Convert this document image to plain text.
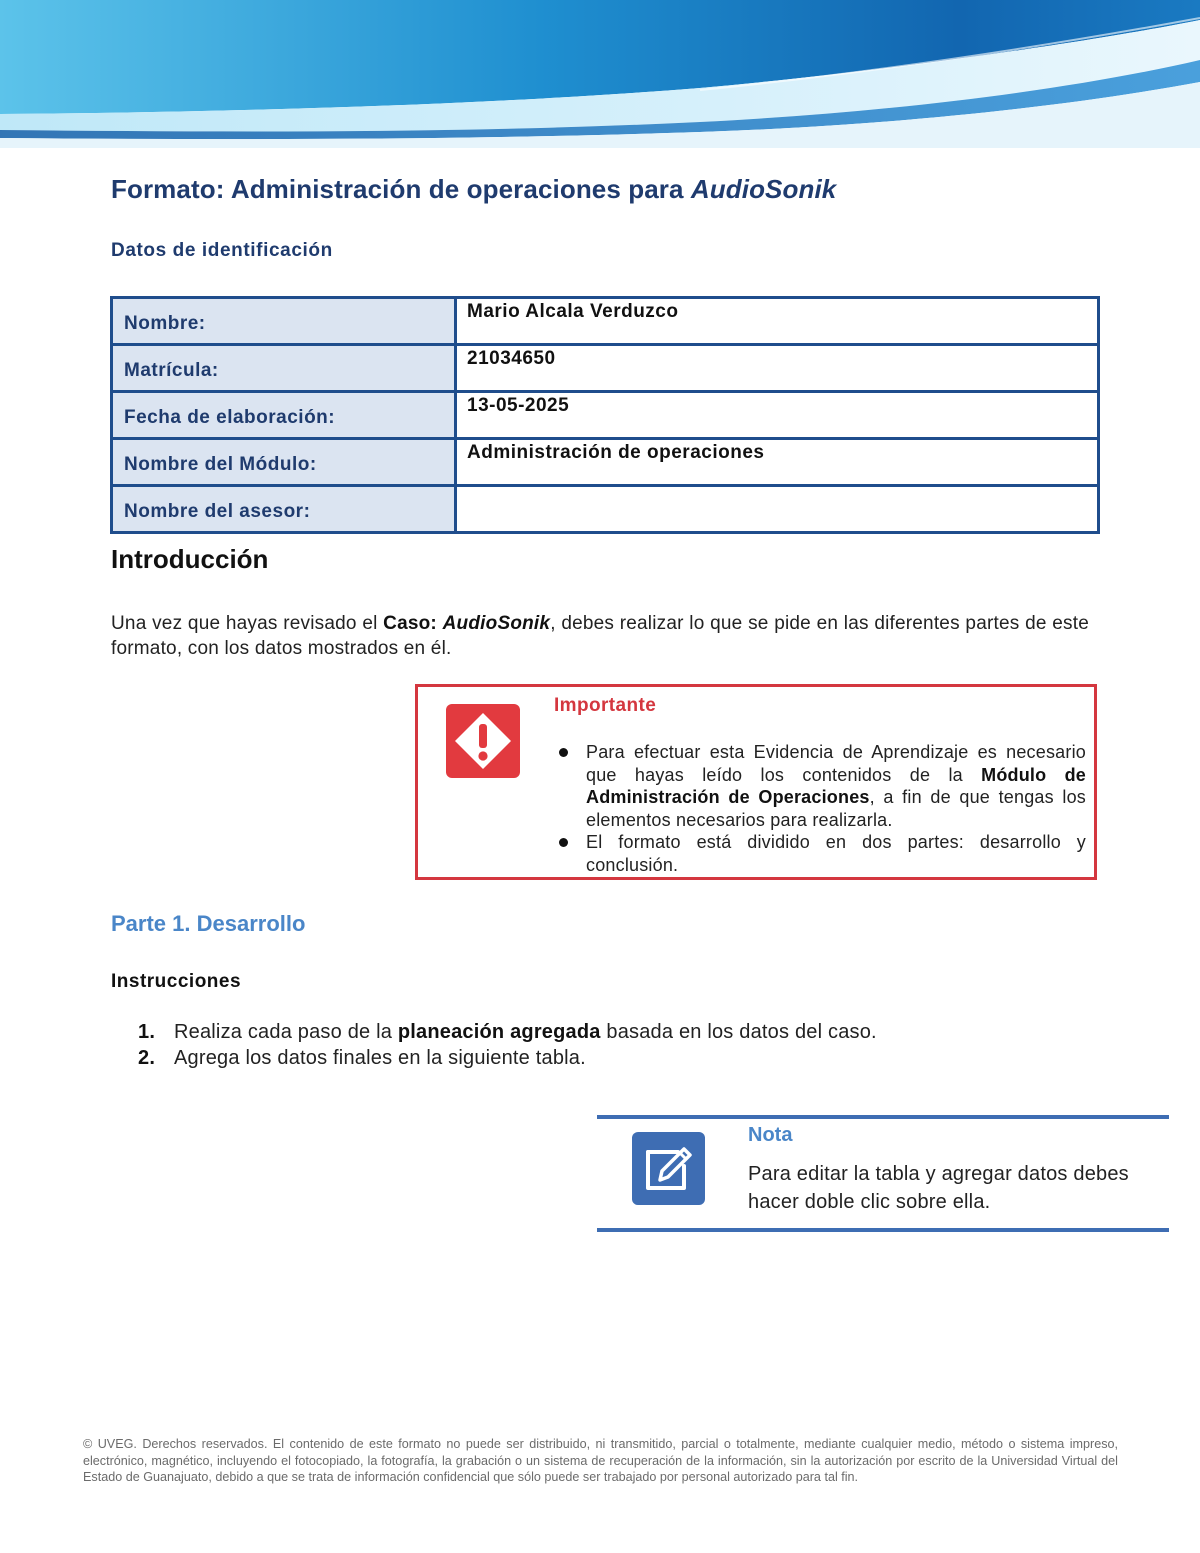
Formato: Administración de operaciones para AudioSonik
Datos de identificación
Nombre:	Mario Alcala Verduzco
Matrícula:	21034650
Fecha de elaboración:	13-05-2025
Nombre del Módulo:	Administración de operaciones
Nombre del asesor:	
Introducción

Una vez que hayas revisado el Caso: AudioSonik, debes realizar lo que se pide en las diferentes partes de este formato, con los datos mostrados en él.

Importante
Para efectuar esta Evidencia de Aprendizaje es necesario que hayas leído los contenidos de la Módulo de Administración de Operaciones, a fin de que tengas los elementos necesarios para realizarla.
El formato está dividido en dos partes: desarrollo y conclusión.
Parte 1. Desarrollo
Instrucciones
1. Realiza cada paso de la planeación agregada basada en los datos del caso.
2. Agrega los datos finales en la siguiente tabla.
Nota

Para editar la tabla y agregar datos debes hacer doble clic sobre ella.

© UVEG. Derechos reservados. El contenido de este formato no puede ser distribuido, ni transmitido, parcial o totalmente, mediante cualquier medio, método o sistema impreso, electrónico, magnético, incluyendo el fotocopiado, la fotografía, la grabación o un sistema de recuperación de la información, sin la autorización por escrito de la Universidad Virtual del Estado de Guanajuato, debido a que se trata de información confidencial que sólo puede ser trabajado por personal autorizado para tal fin.
